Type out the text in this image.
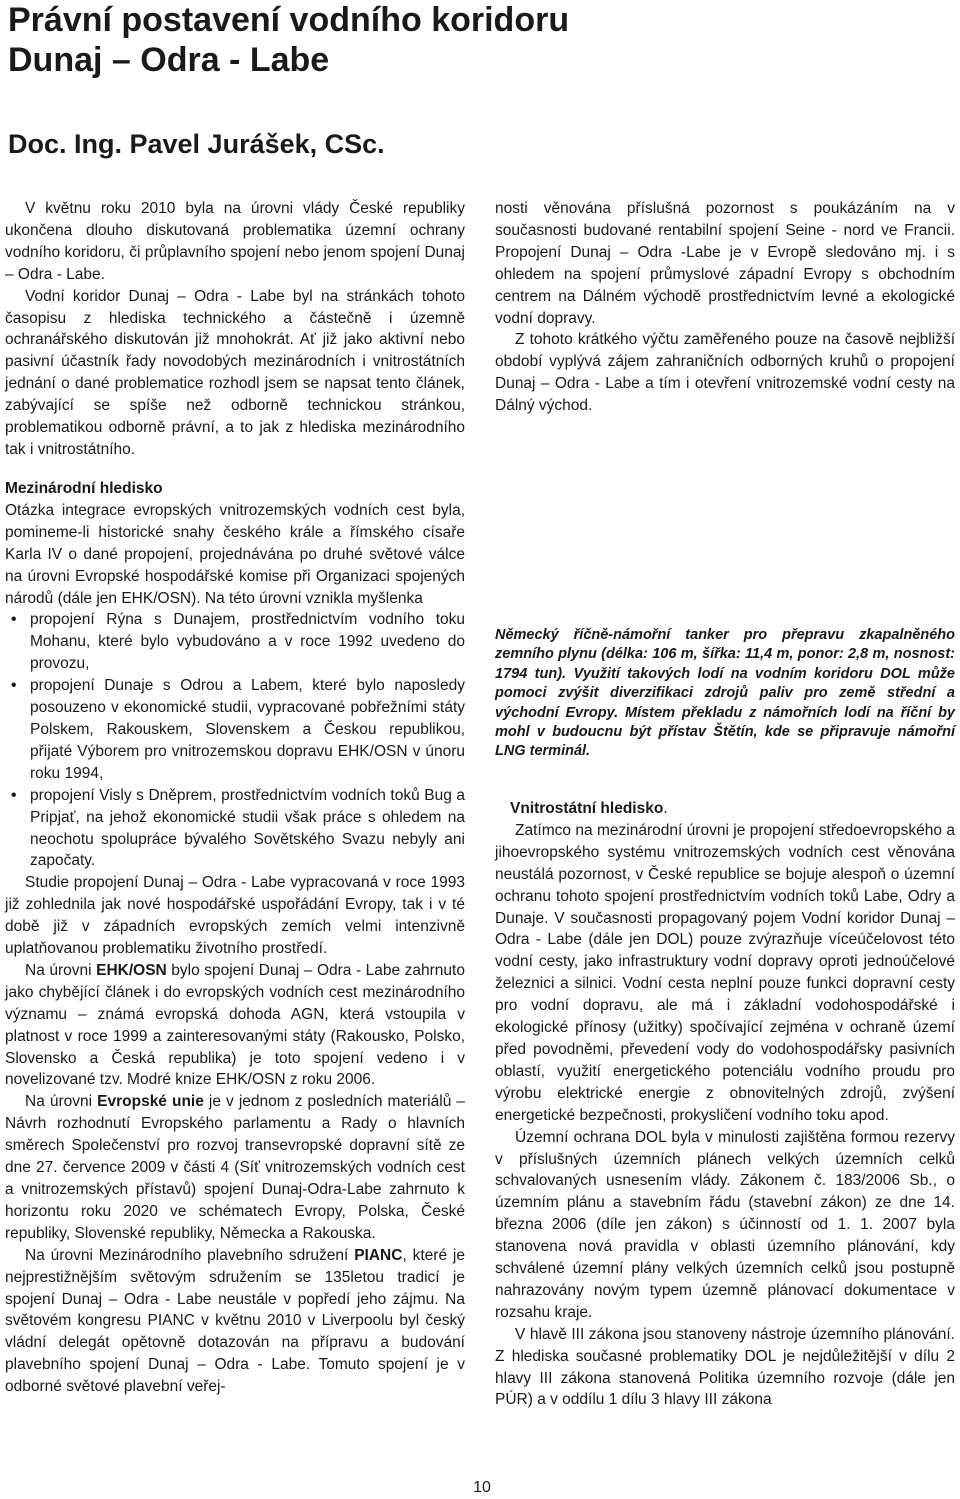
Právní postavení vodního koridoru
Dunaj – Odra - Labe
Doc. Ing. Pavel Jurášek, CSc.

V květnu roku 2010 byla na úrovni vlády České republiky ukončena dlouho diskutovaná problematika územní ochrany vodního koridoru, či průplavního spojení nebo jenom spojení Dunaj – Odra - Labe.

Vodní koridor Dunaj – Odra - Labe byl na stránkách tohoto časopisu z hlediska technického a částečně i územně ochranářského diskutován již mnohokrát. Ať již jako aktivní nebo pasivní účastník řady novodobých mezinárodních i vnitrostátních jednání o dané problematice rozhodl jsem se napsat tento článek, zabývající se spíše než odborně technickou stránkou, problematikou odborně právní, a to jak z hlediska mezinárodního tak i vnitrostátního.

Mezinárodní hledisko

Otázka integrace evropských vnitrozemských vodních cest byla, pomineme-li historické snahy českého krále a římského císaře Karla IV o dané propojení, projednávána po druhé světové válce na úrovni Evropské hospodářské komise při Organizaci spojených národů (dále jen EHK/OSN). Na této úrovni vznikla myšlenka

• propojení Rýna s Dunajem, prostřednictvím vodního toku Mohanu, které bylo vybudováno a v roce 1992 uvedeno do provozu,
• propojení Dunaje s Odrou a Labem, které bylo naposledy posouzeno v ekonomické studii, vypracované pobřežními státy Polskem, Rakouskem, Slovenskem a Českou republikou, přijaté Výborem pro vnitrozemskou dopravu EHK/OSN v únoru roku 1994,
• propojení Visly s Dněprem, prostřednictvím vodních toků Bug a Pripjať, na jehož ekonomické studii však práce s ohledem na neochotu spolupráce bývalého Sovětského Svazu nebyly ani započaty.

Studie propojení Dunaj – Odra - Labe vypracovaná v roce 1993 již zohlednila jak nové hospodářské uspořádání Evropy, tak i v té době již v západních evropských zemích velmi intenzivně uplatňovanou problematiku životního prostředí.

Na úrovni EHK/OSN bylo spojení Dunaj – Odra - Labe zahrnuto jako chybějící článek i do evropských vodních cest mezinárodního významu – známá evropská dohoda AGN, která vstoupila v platnost v roce 1999 a zainteresovanými státy (Rakousko, Polsko, Slovensko a Česká republika) je toto spojení vedeno i v novelizované tzv. Modré knize EHK/OSN z roku 2006.

Na úrovni Evropské unie je v jednom z posledních materiálů – Návrh rozhodnutí Evropského parlamentu a Rady o hlavních směrech Společenství pro rozvoj transevropské dopravní sítě ze dne 27. července 2009 v části 4 (Síť vnitrozemských vodních cest a vnitrozemských přístavů) spojení Dunaj-Odra-Labe zahrnuto k horizontu roku 2020 ve schématech Evropy, Polska, České republiky, Slovenské republiky, Německa a Rakouska.

Na úrovni Mezinárodního plavebního sdružení PIANC, které je nejprestižnějším světovým sdružením se 135letou tradicí je spojení Dunaj – Odra - Labe neustále v popředí jeho zájmu. Na světovém kongresu PIANC v květnu 2010 v Liverpoolu byl český vládní delegát opětovně dotazován na přípravu a budování plavebního spojení Dunaj – Odra - Labe. Tomuto spojení je v odborné světové plavební veřej-

nosti věnována příslušná pozornost s poukázáním na v současnosti budované rentabilní spojení Seine - nord ve Francii. Propojení Dunaj – Odra -Labe je v Evropě sledováno mj. i s ohledem na spojení průmyslové západní Evropy s obchodním centrem na Dálném východě prostřednictvím levné a ekologické vodní dopravy.

Z tohoto krátkého výčtu zaměřeného pouze na časově nejbližší období vyplývá zájem zahraničních odborných kruhů o propojení Dunaj – Odra - Labe a tím i otevření vnitrozemské vodní cesty na Dálný východ.

Německý říčně-námořní tanker pro přepravu zkapalněného zemního plynu (délka: 106 m, šířka: 11,4 m, ponor: 2,8 m, nosnost: 1794 tun). Využití takových lodí na vodním koridoru DOL může pomoci zvýšit diverzifikaci zdrojů paliv pro země střední a východní Evropy. Místem překladu z námořních lodí na říční by mohl v budoucnu být přístav Štětín, kde se připravuje námořní LNG terminál.

Vnitrostátní hledisko.

Zatímco na mezinárodní úrovni je propojení středoevropského a jihoevropského systému vnitrozemských vodních cest věnována neustálá pozornost, v České republice se bojuje alespoň o územní ochranu tohoto spojení prostřednictvím vodních toků Labe, Odry a Dunaje. V současnosti propagovaný pojem Vodní koridor Dunaj – Odra - Labe (dále jen DOL) pouze zvýrazňuje víceúčelovost této vodní cesty, jako infrastruktury vodní dopravy oproti jednoúčelové železnici a silnici. Vodní cesta neplní pouze funkci dopravní cesty pro vodní dopravu, ale má i základní vodohospodářské i ekologické přínosy (užitky) spočívající zejména v ochraně území před povodněmi, převedení vody do vodohospodářsky pasivních oblastí, využití energetického potenciálu vodního proudu pro výrobu elektrické energie z obnovitelných zdrojů, zvýšení energetické bezpečnosti, prokysličení vodního toku apod.

Územní ochrana DOL byla v minulosti zajištěna formou rezervy v příslušných územních plánech velkých územních celků schvalovaných usnesením vlády. Zákonem č. 183/2006 Sb., o územním plánu a stavebním řádu (stavební zákon) ze dne 14. března 2006 (díle jen zákon) s účinností od 1. 1. 2007 byla stanovena nová pravidla v oblasti územního plánování, kdy schválené územní plány velkých územních celků jsou postupně nahrazovány novým typem územně plánovací dokumentace v rozsahu kraje.

V hlavě III zákona jsou stanoveny nástroje územního plánování. Z hlediska současné problematiky DOL je nejdůležitější v dílu 2 hlavy III zákona stanovená Politika územního rozvoje (dále jen PÚR) a v oddílu 1 dílu 3 hlavy III zákona

10
